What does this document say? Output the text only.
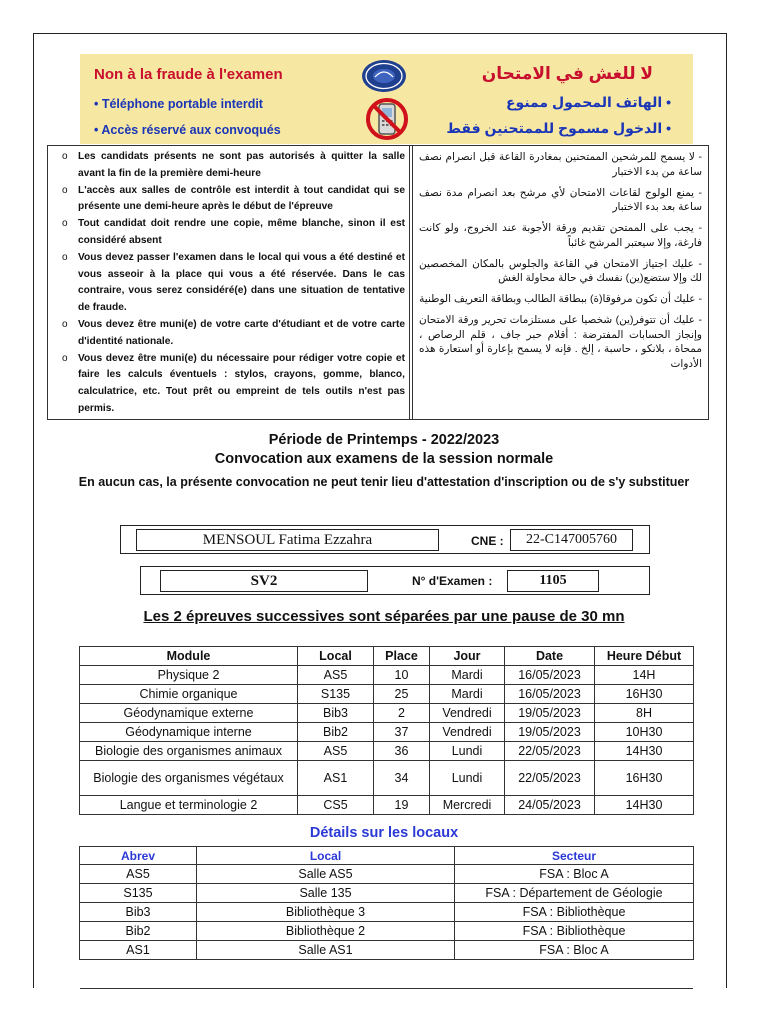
Non à la fraude à l'examen
• Téléphone portable interdit
• Accès réservé aux convoqués
لا للغش في الامتحان
• الهاتف المحمول ممنوع
• الدخول مسموح للممتحنين فقط
o Les candidats présents ne sont pas autorisés à quitter la salle avant la fin de la première demi-heure
o L'accès aux salles de contrôle est interdit à tout candidat qui se présente une demi-heure après le début de l'épreuve
o Tout candidat doit rendre une copie, même blanche, sinon il est considéré absent
o Vous devez passer l'examen dans le local qui vous a été destiné et vous asseoir à la place qui vous a été réservée. Dans le cas contraire, vous serez considéré(e) dans une situation de tentative de fraude.
o Vous devez être muni(e) de votre carte d'étudiant et de votre carte d'identité nationale.
o Vous devez être muni(e) du nécessaire pour rédiger votre copie et faire les calculs éventuels : stylos, crayons, gomme, blanco, calculatrice, etc. Tout prêt ou empreint de tels outils n'est pas permis.
- لا يسمح للمرشحين الممتحنين بمغادرة القاعة قبل انصرام نصف ساعة من بدء الاختبار
- يمنع الولوج لقاعات الامتحان لأي مرشح بعد انصرام مدة نصف ساعة بعد بدء الاختبار
- يجب على الممتحن تقديم ورقة الأجوبة عند الخروج، ولو كانت فارغة، وإلا سيعتبر المرشح غائباً
- عليك اجتياز الامتحان في القاعة والجلوس بالمكان المخصصين لك وإلا ستضع(ين) نفسك في حالة محاولة الغش
- عليك أن تكون مرفوقا(ة) ببطاقة الطالب وبطاقة التعريف الوطنية
- عليك أن تتوفر(ين) شخصيا على مستلزمات تحرير ورقة الامتحان وإنجاز الحسابات المفترضة : أقلام حبر جاف ، قلم الرصاص ، ممحاة ، بلانكو ، حاسبة ، إلخ . فإنه لا يسمح بإعارة أو استعارة هذه الأدوات
Période de Printemps - 2022/2023
Convocation aux examens de la session normale
En aucun cas, la présente convocation ne peut tenir lieu d'attestation d'inscription ou de s'y substituer
MENSOUL Fatima Ezzahra	CNE :	22-C147005760
SV2	N° d'Examen :	1105
Les 2 épreuves successives sont séparées par une pause de 30 mn
Module	Local	Place	Jour	Date	Heure Début
Physique 2	AS5	10	Mardi	16/05/2023	14H
Chimie organique	S135	25	Mardi	16/05/2023	16H30
Géodynamique externe	Bib3	2	Vendredi	19/05/2023	8H
Géodynamique interne	Bib2	37	Vendredi	19/05/2023	10H30
Biologie des organismes animaux	AS5	36	Lundi	22/05/2023	14H30
Biologie des organismes végétaux	AS1	34	Lundi	22/05/2023	16H30
Langue et terminologie 2	CS5	19	Mercredi	24/05/2023	14H30
Détails sur les locaux
Abrev	Local	Secteur
AS5	Salle AS5	FSA : Bloc A
S135	Salle 135	FSA : Département de Géologie
Bib3	Bibliothèque 3	FSA : Bibliothèque
Bib2	Bibliothèque 2	FSA : Bibliothèque
AS1	Salle AS1	FSA : Bloc A
